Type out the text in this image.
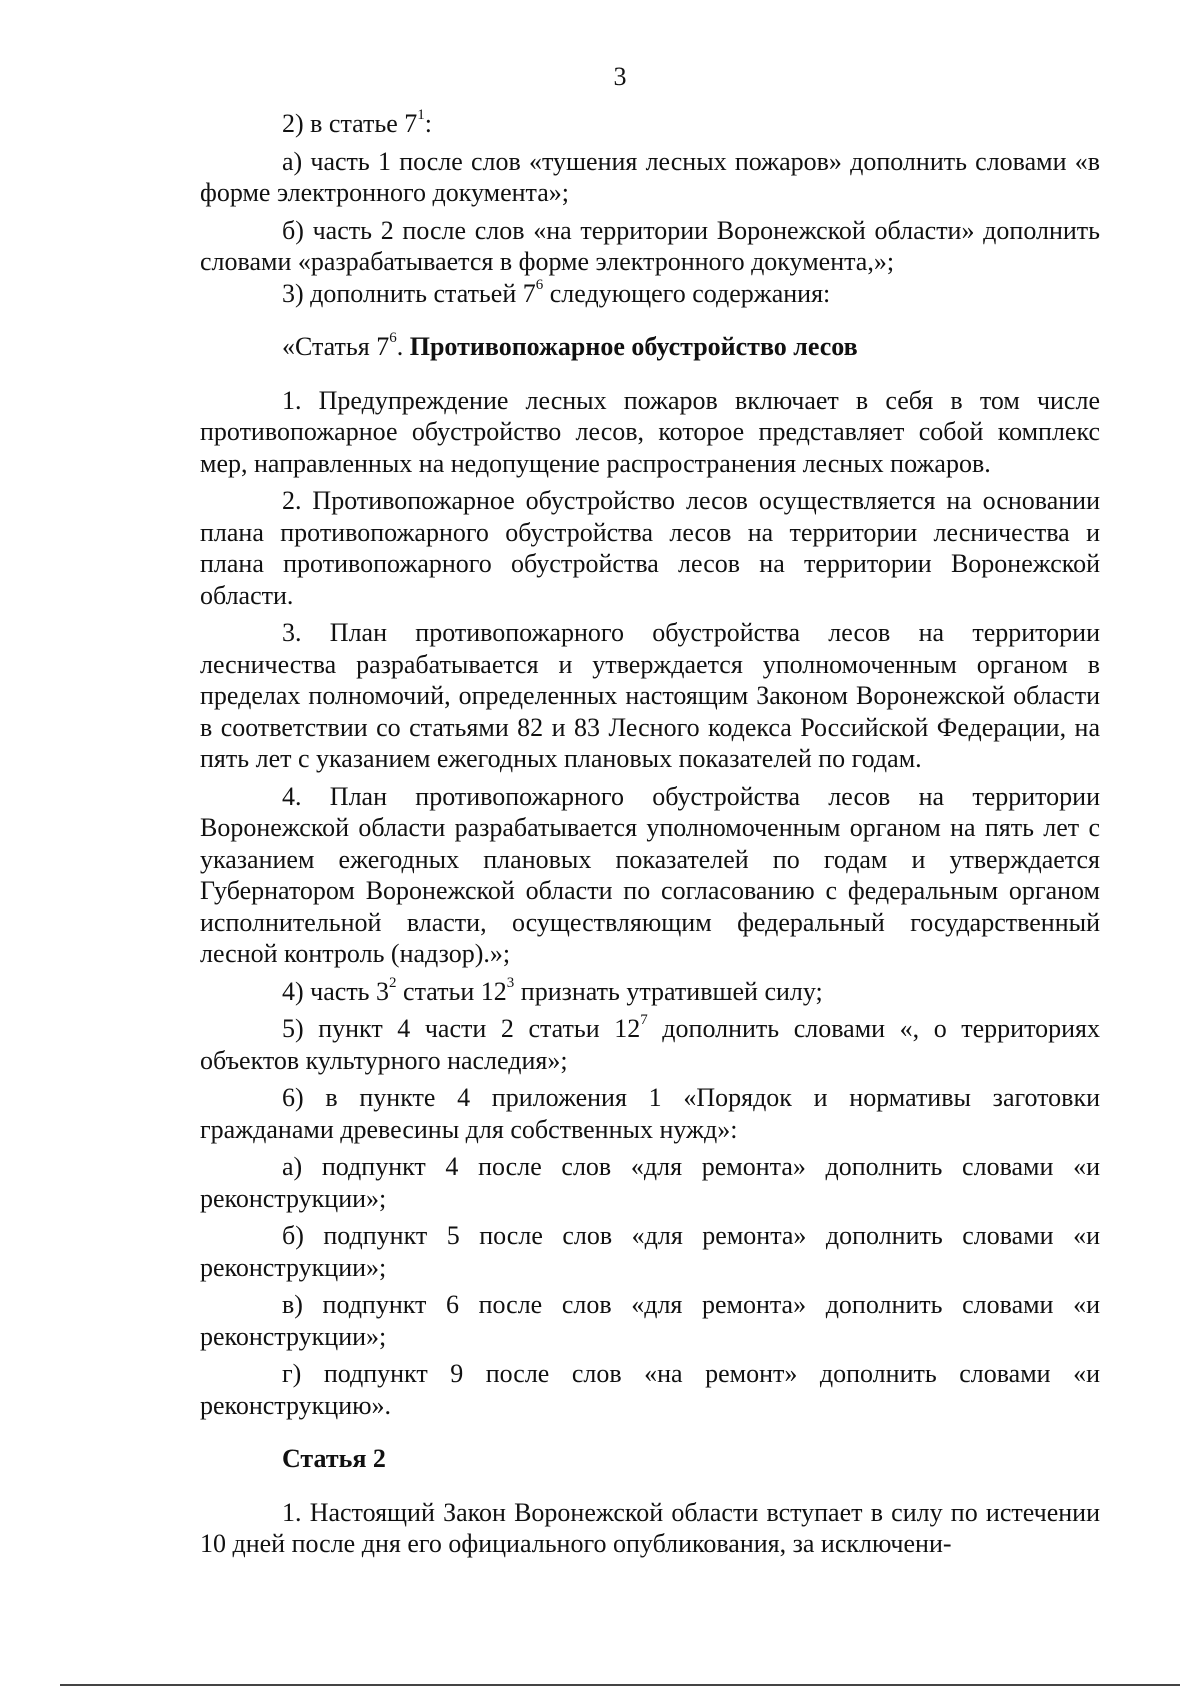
3

2) в статье $7^1$:

а) часть 1 после слов «тушения лесных пожаров» дополнить словами «в форме электронного документа»;

б) часть 2 после слов «на территории Воронежской области» дополнить словами «разрабатывается в форме электронного документа,»;

3) дополнить статьей $7^6$ следующего содержания:

«Статья $7^6$. Противопожарное обустройство лесов

1. Предупреждение лесных пожаров включает в себя в том числе противопожарное обустройство лесов, которое представляет собой комплекс мер, направленных на недопущение распространения лесных пожаров.

2. Противопожарное обустройство лесов осуществляется на основании плана противопожарного обустройства лесов на территории лесничества и плана противопожарного обустройства лесов на территории Воронежской области.

3. План противопожарного обустройства лесов на территории лесничества разрабатывается и утверждается уполномоченным органом в пределах полномочий, определенных настоящим Законом Воронежской области в соответствии со статьями 82 и 83 Лесного кодекса Российской Федерации, на пять лет с указанием ежегодных плановых показателей по годам.

4. План противопожарного обустройства лесов на территории Воронежской области разрабатывается уполномоченным органом на пять лет с указанием ежегодных плановых показателей по годам и утверждается Губернатором Воронежской области по согласованию с федеральным органом исполнительной власти, осуществляющим федеральный государственный лесной контроль (надзор).»;

4) часть $3^2$ статьи $12^3$ признать утратившей силу;

5) пункт 4 части 2 статьи $12^7$ дополнить словами «, о территориях объектов культурного наследия»;

6) в пункте 4 приложения 1 «Порядок и нормативы заготовки гражданами древесины для собственных нужд»:

а) подпункт 4 после слов «для ремонта» дополнить словами «и реконструкции»;

б) подпункт 5 после слов «для ремонта» дополнить словами «и реконструкции»;

в) подпункт 6 после слов «для ремонта» дополнить словами «и реконструкции»;

г) подпункт 9 после слов «на ремонт» дополнить словами «и реконструкцию».

Статья 2

1. Настоящий Закон Воронежской области вступает в силу по истечении 10 дней после дня его официального опубликования, за исключени-
